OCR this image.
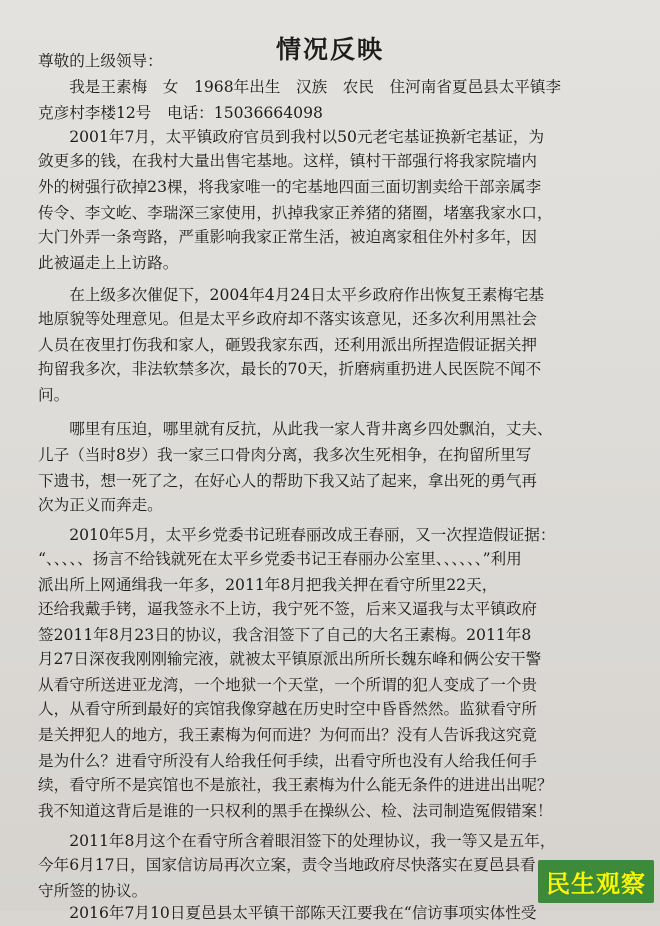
情况反映
尊敬的上级领导：
　　我是王素梅　女　1968年出生　汉族　农民　住河南省夏邑县太平镇李
克彦村李楼12号　电话：15036664098
　　2001年7月，太平镇政府官员到我村以50元老宅基证换新宅基证，为
敛更多的钱，在我村大量出售宅基地。这样，镇村干部强行将我家院墙内
外的树强行砍掉23棵，将我家唯一的宅基地四面三面切割卖给干部亲属李
传令、李文屹、李瑞深三家使用，扒掉我家正养猪的猪圈，堵塞我家水口，
大门外弄一条弯路，严重影响我家正常生活，被迫离家租住外村多年，因
此被逼走上上访路。
　　在上级多次催促下，2004年4月24日太平乡政府作出恢复王素梅宅基
地原貌等处理意见。但是太平乡政府却不落实该意见，还多次利用黑社会
人员在夜里打伤我和家人，砸毁我家东西，还利用派出所捏造假证据关押
拘留我多次，非法软禁多次，最长的70天，折磨病重扔进人民医院不闻不
问。
　　哪里有压迫，哪里就有反抗，从此我一家人背井离乡四处飘泊，丈夫、
儿子（当时8岁）我一家三口骨肉分离，我多次生死相争，在拘留所里写
下遗书，想一死了之，在好心人的帮助下我又站了起来，拿出死的勇气再
次为正义而奔走。
　　2010年5月，太平乡党委书记班春丽改成王春丽，又一次捏造假证据：
“、、、、、扬言不给钱就死在太平乡党委书记王春丽办公室里、、、、、、”利用
派出所上网通缉我一年多，2011年8月把我关押在看守所里22天，
还给我戴手铐，逼我签永不上访，我宁死不签，后来又逼我与太平镇政府
签2011年8月23日的协议，我含泪签下了自己的大名王素梅。2011年8
月27日深夜我刚刚输完液，就被太平镇原派出所所长魏东峰和俩公安干警
从看守所送进亚龙湾，一个地狱一个天堂，一个所谓的犯人变成了一个贵
人，从看守所到最好的宾馆我像穿越在历史时空中昏昏然然。监狱看守所
是关押犯人的地方，我王素梅为何而进？为何而出？没有人告诉我这究竟
是为什么？进看守所没有人给我任何手续，出看守所也没有人给我任何手
续，看守所不是宾馆也不是旅社，我王素梅为什么能无条件的进进出出呢？
我不知道这背后是谁的一只权利的黑手在操纵公、检、法司制造冤假错案！
　　2011年8月这个在看守所含着眼泪签下的处理协议，我一等又是五年，
今年6月17日，国家信访局再次立案，责令当地政府尽快落实在夏邑县看
守所签的协议。
　　2016年7月10日夏邑县太平镇干部陈天江要我在“信访事项实体性受
民生观察
